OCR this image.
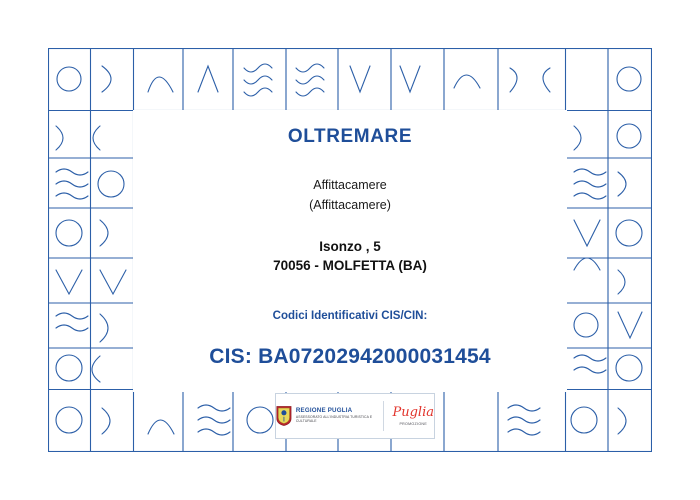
OLTREMARE
Affittacamere
(Affittacamere)
Isonzo , 5
70056 - MOLFETTA (BA)
Codici Identificativi CIS/CIN:
CIS: BA07202942000031454
REGIONE PUGLIA
ASSESSORATO ALL'INDUSTRIA TURISTICA E CULTURALE
Puglia
PROMOZIONE
